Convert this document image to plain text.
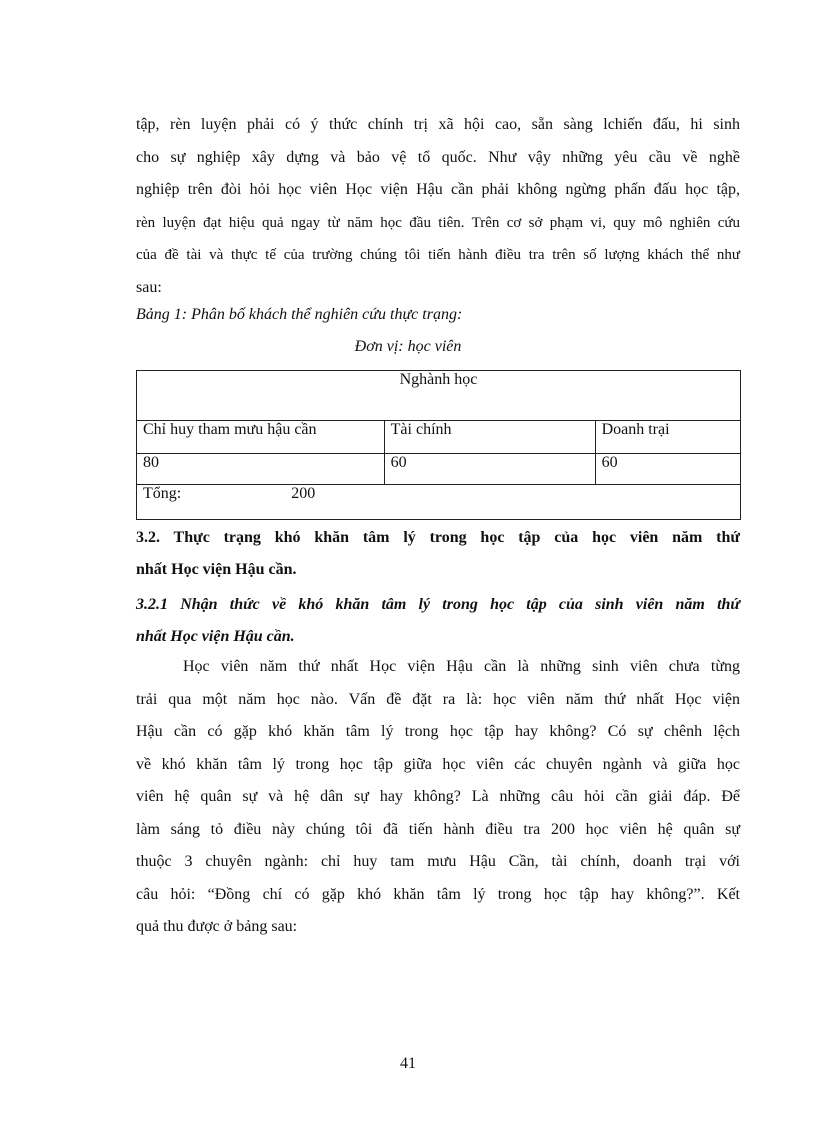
tập, rèn luyện phải có ý thức chính trị xã hội cao, sẵn sàng lchiến đấu, hi sinh
cho sự nghiệp xây dựng và bảo vệ tổ quốc. Như vậy những yêu cầu về nghề
nghiệp trên đòi hỏi học viên Học viện Hậu cần phải không ngừng phấn đấu học tập,
rèn luyện đạt hiệu quả ngay từ năm học đầu tiên. Trên cơ sở phạm vi, quy mô nghiên cứu
của đề tài và thực tế của trường chúng tôi tiến hành điều tra trên số lượng khách thể như
sau:

Bảng 1: Phân bố khách thể nghiên cứu thực trạng:

Đơn vị: học viên

Nghành học		
Chỉ huy tham mưu hậu cần	Tài chính	Doanh trại
80	60	60
Tổng: 200		
3.2. Thực trạng khó khăn tâm lý trong học tập của học viên năm thứ
nhất Học viện Hậu cần.
3.2.1 Nhận thức về khó khăn tâm lý trong học tập của sinh viên năm thứ
nhất Học viện Hậu cần.

Học viên năm thứ nhất Học viện Hậu cần là những sinh viên chưa từng
trải qua một năm học nào. Vấn đề đặt ra là: học viên năm thứ nhất Học viện
Hậu cần có gặp khó khăn tâm lý trong học tập hay không? Có sự chênh lệch
về khó khăn tâm lý trong học tập giữa học viên các chuyên ngành và giữa học
viên hệ quân sự và hệ dân sự hay không? Là những câu hỏi cần giải đáp. Để
làm sáng tỏ điều này chúng tôi đã tiến hành điều tra 200 học viên hệ quân sự
thuộc 3 chuyên ngành: chỉ huy tam mưu Hậu Cần, tài chính, doanh trại với
câu hỏi: “Đồng chí có gặp khó khăn tâm lý trong học tập hay không?”. Kết
quả thu được ở bảng sau:

41
